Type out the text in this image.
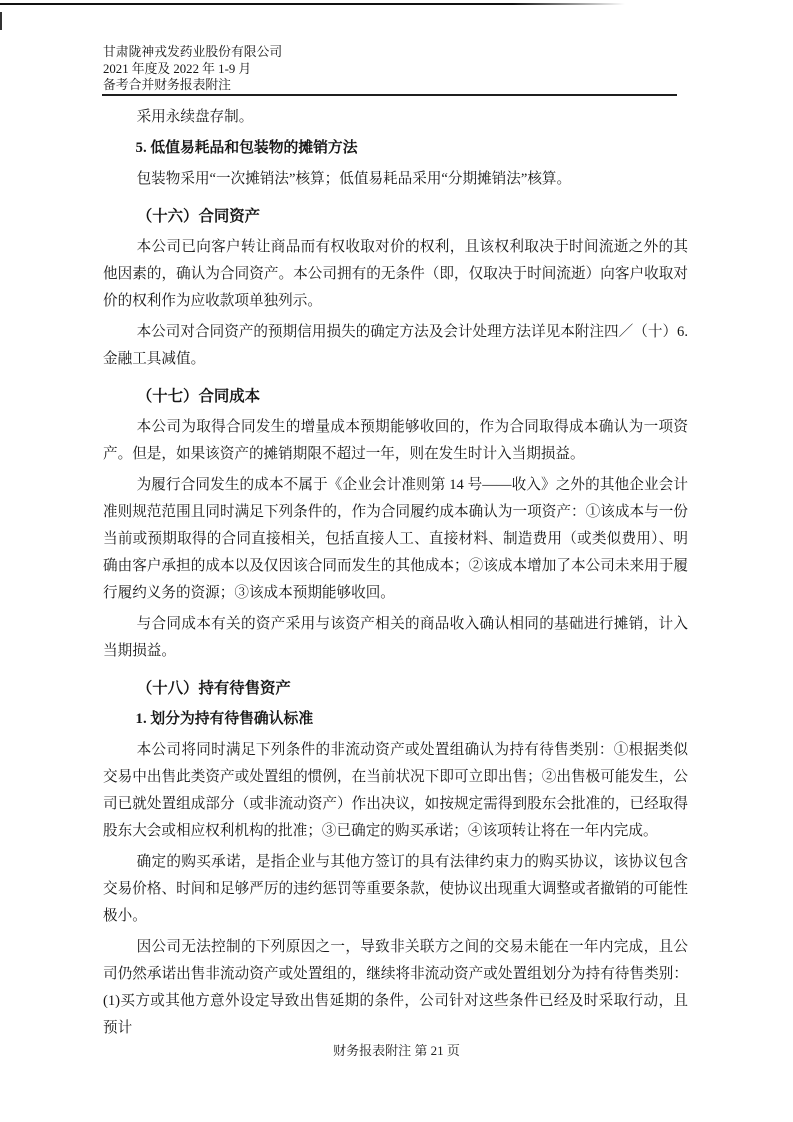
甘肃陇神戎发药业股份有限公司
2021 年度及 2022 年 1-9 月
备考合并财务报表附注

采用永续盘存制。

5. 低值易耗品和包装物的摊销方法

包装物采用“一次摊销法”核算；低值易耗品采用“分期摊销法”核算。

（十六）合同资产

本公司已向客户转让商品而有权收取对价的权利，且该权利取决于时间流逝之外的其他因素的，确认为合同资产。本公司拥有的无条件（即，仅取决于时间流逝）向客户收取对价的权利作为应收款项单独列示。

本公司对合同资产的预期信用损失的确定方法及会计处理方法详见本附注四／（十）6. 金融工具减值。

（十七）合同成本

本公司为取得合同发生的增量成本预期能够收回的，作为合同取得成本确认为一项资产。但是，如果该资产的摊销期限不超过一年，则在发生时计入当期损益。

为履行合同发生的成本不属于《企业会计准则第 14 号——收入》之外的其他企业会计准则规范范围且同时满足下列条件的，作为合同履约成本确认为一项资产：①该成本与一份当前或预期取得的合同直接相关，包括直接人工、直接材料、制造费用（或类似费用）、明确由客户承担的成本以及仅因该合同而发生的其他成本；②该成本增加了本公司未来用于履行履约义务的资源；③该成本预期能够收回。

与合同成本有关的资产采用与该资产相关的商品收入确认相同的基础进行摊销，计入当期损益。

（十八）持有待售资产
1. 划分为持有待售确认标准

本公司将同时满足下列条件的非流动资产或处置组确认为持有待售类别：①根据类似交易中出售此类资产或处置组的惯例，在当前状况下即可立即出售；②出售极可能发生，公司已就处置组成部分（或非流动资产）作出决议，如按规定需得到股东会批准的，已经取得股东大会或相应权利机构的批准；③已确定的购买承诺；④该项转让将在一年内完成。

确定的购买承诺，是指企业与其他方签订的具有法律约束力的购买协议，该协议包含交易价格、时间和足够严厉的违约惩罚等重要条款，使协议出现重大调整或者撤销的可能性极小。

因公司无法控制的下列原因之一，导致非关联方之间的交易未能在一年内完成，且公司仍然承诺出售非流动资产或处置组的，继续将非流动资产或处置组划分为持有待售类别：(1)买方或其他方意外设定导致出售延期的条件，公司针对这些条件已经及时采取行动，且预计

财务报表附注 第 21 页
